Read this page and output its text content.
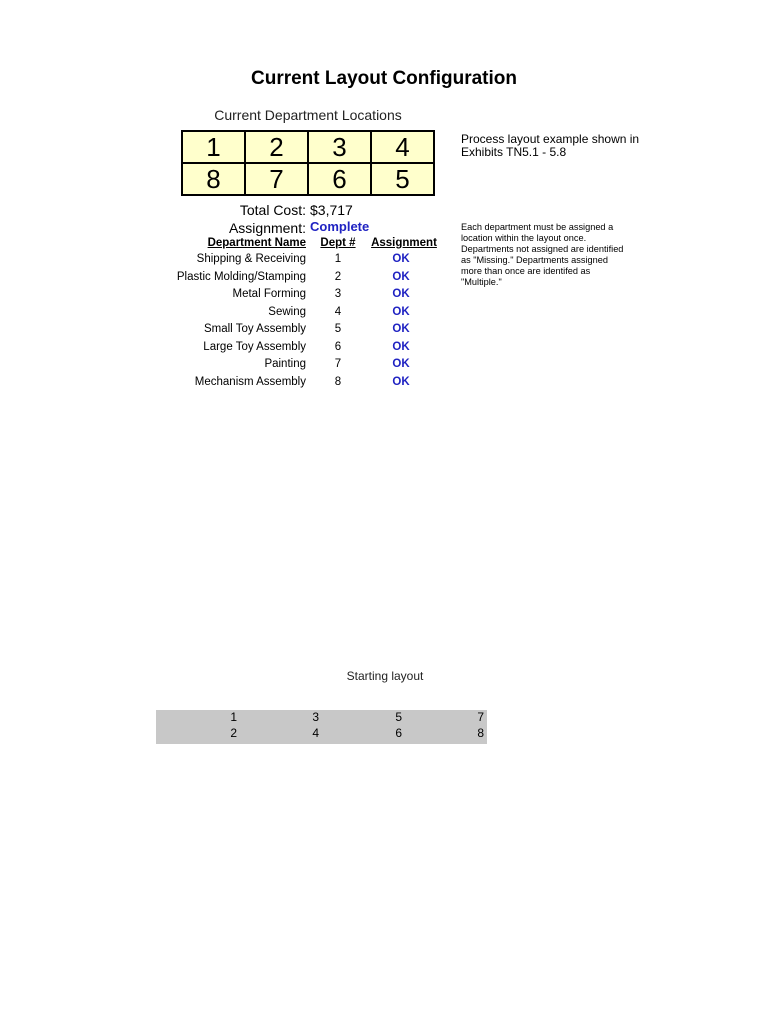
Current Layout Configuration
Current Department Locations
1	2	3	4
8	7	6	5
Process layout example shown in Exhibits TN5.1 - 5.8
Each department must be assigned a location within the layout once. Departments not assigned are identified as "Missing." Departments assigned more than once are identifed as "Multiple."
Total Cost: $3,717
Assignment: Complete
Department Name	Dept #	Assignment
Shipping & Receiving	1	OK
Plastic Molding/Stamping	2	OK
Metal Forming	3	OK
Sewing	4	OK
Small Toy Assembly	5	OK
Large Toy Assembly	6	OK
Painting	7	OK
Mechanism Assembly	8	OK
Starting layout
1	3	5	7
2	4	6	8
